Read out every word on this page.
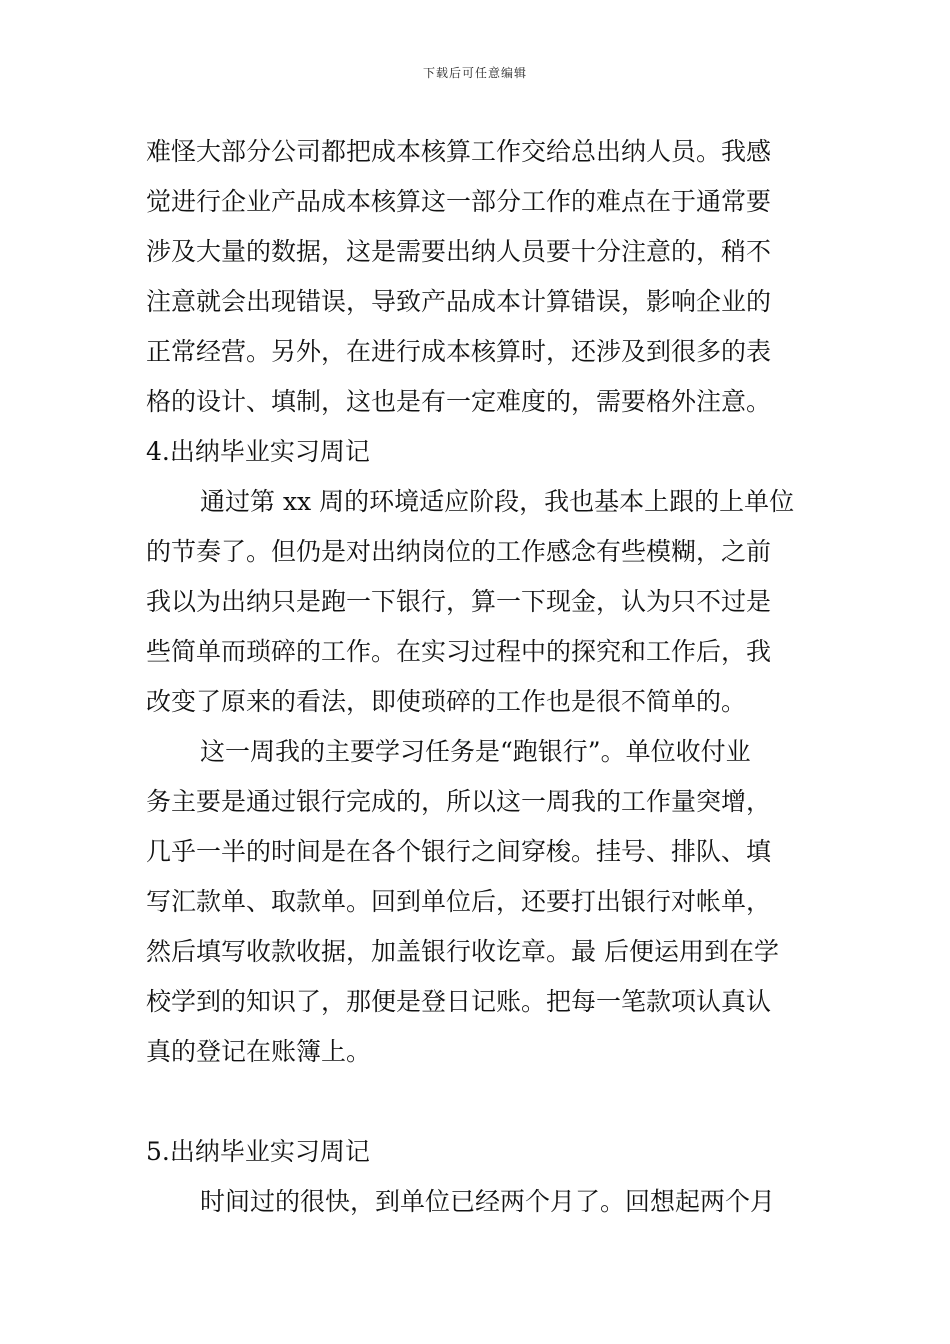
下载后可任意编辑
难怪大部分公司都把成本核算工作交给总出纳人员。我感
觉进行企业产品成本核算这一部分工作的难点在于通常要
涉及大量的数据，这是需要出纳人员要十分注意的，稍不
注意就会出现错误，导致产品成本计算错误，影响企业的
正常经营。另外，在进行成本核算时，还涉及到很多的表
格的设计、填制，这也是有一定难度的，需要格外注意。
4.出纳毕业实习周记
通过第 xx 周的环境适应阶段，我也基本上跟的上单位
的节奏了。但仍是对出纳岗位的工作感念有些模糊，之前
我以为出纳只是跑一下银行，算一下现金，认为只不过是
些简单而琐碎的工作。在实习过程中的探究和工作后，我
改变了原来的看法，即使琐碎的工作也是很不简单的。
这一周我的主要学习任务是“跑银行”。单位收付业
务主要是通过银行完成的，所以这一周我的工作量突增，
几乎一半的时间是在各个银行之间穿梭。挂号、排队、填
写汇款单、取款单。回到单位后，还要打出银行对帐单，
然后填写收款收据，加盖银行收讫章。最 后便运用到在学
校学到的知识了，那便是登日记账。把每一笔款项认真认
真的登记在账簿上。
5.出纳毕业实习周记
时间过的很快，到单位已经两个月了。回想起两个月
